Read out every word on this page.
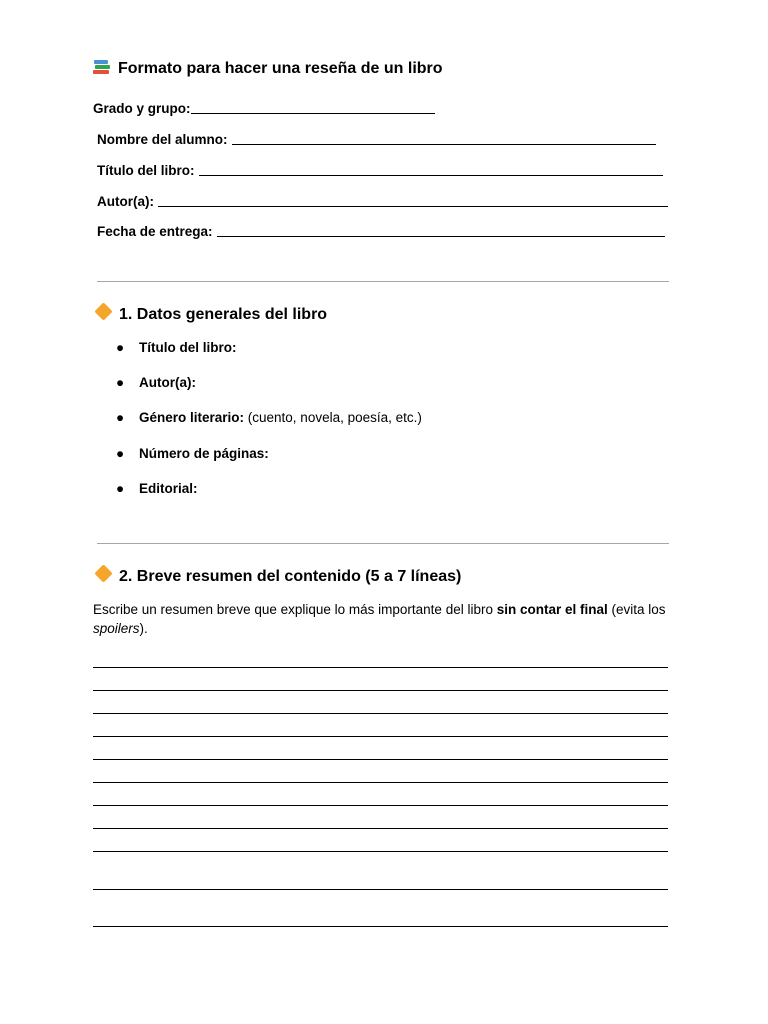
Formato para hacer una reseña de un libro
Grado y grupo:
Nombre del alumno:
Título del libro:
Autor(a):
Fecha de entrega:
1. Datos generales del libro
● Título del libro:
● Autor(a):
● Género literario: (cuento, novela, poesía, etc.)
● Número de páginas:
● Editorial:
2. Breve resumen del contenido (5 a 7 líneas)
Escribe un resumen breve que explique lo más importante del libro sin contar el final (evita los spoilers).
